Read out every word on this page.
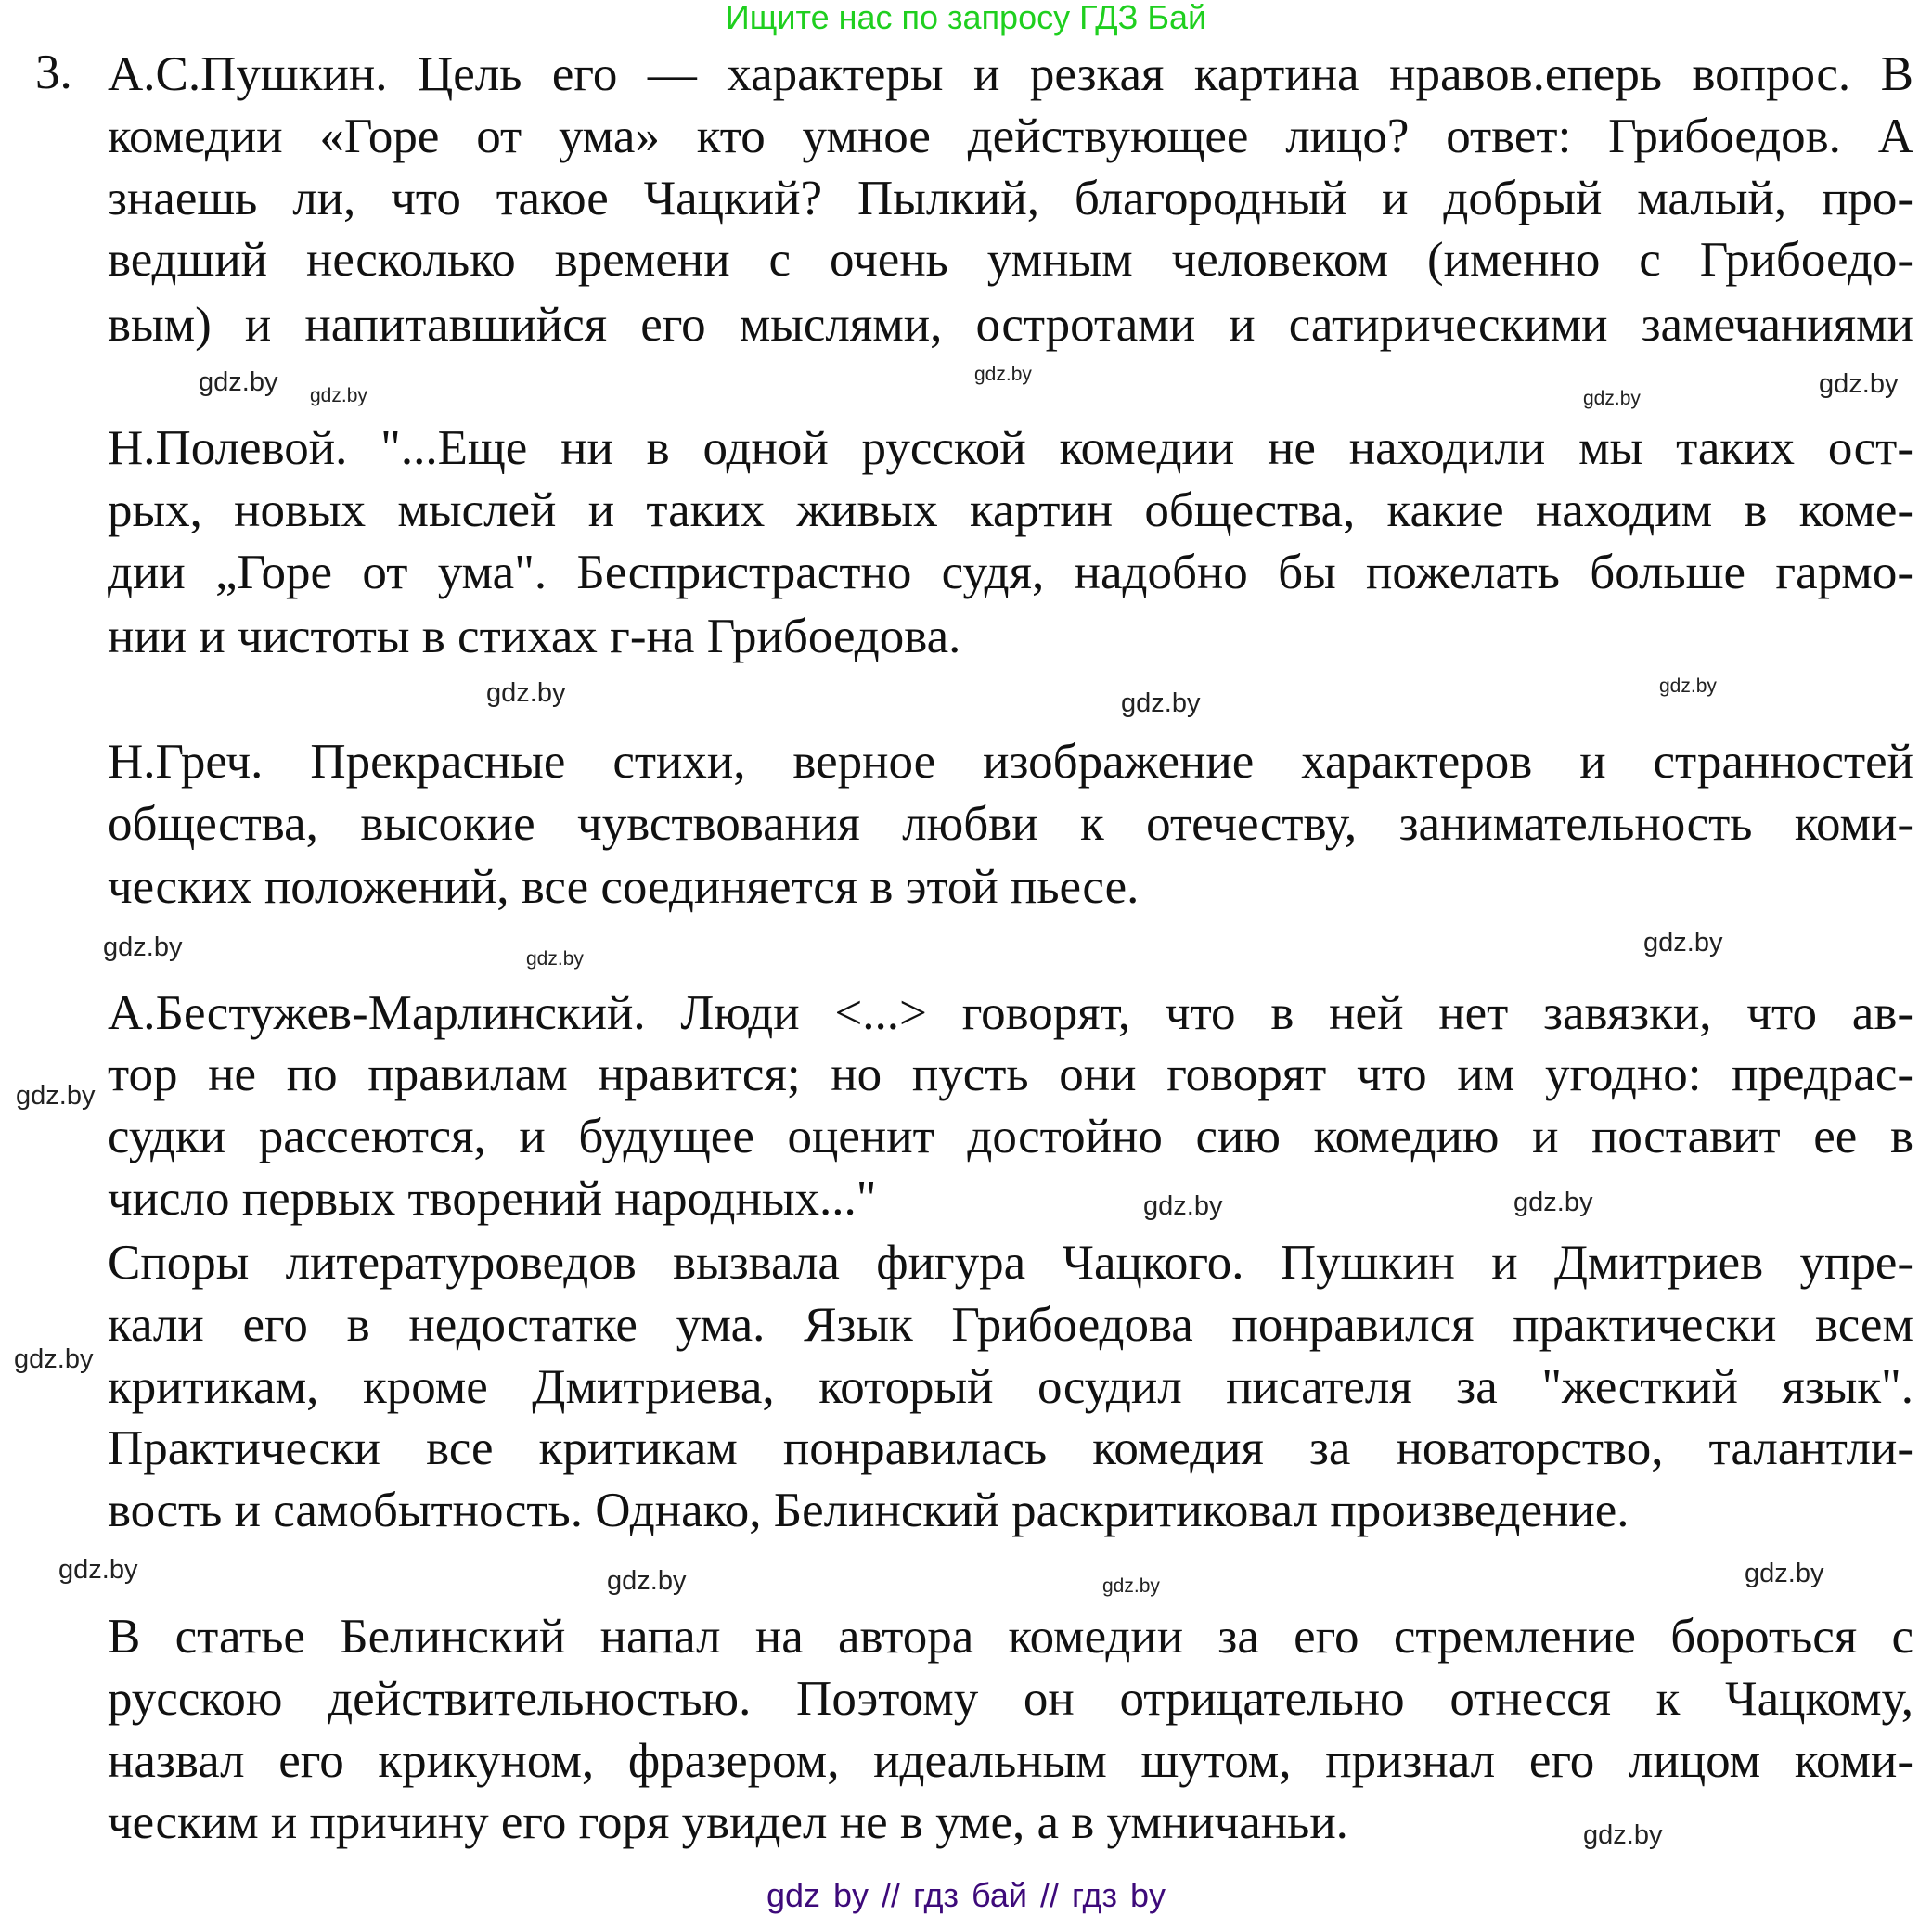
Ищите нас по запросу ГДЗ Бай
3. А.С.Пушкин. Цель его — характеры и резкая картина нравов.еперь вопрос. В
комедии «Горе от ума» кто умное действующее лицо? ответ: Грибоедов. А
знаешь ли, что такое Чацкий? Пылкий, благородный и добрый малый, про-
ведший несколько времени с очень умным человеком (именно с Грибоедо-
вым) и напитавшийся его мыслями, остротами и сатирическими замечаниями
Н.Полевой. "...Еще ни в одной русской комедии не находили мы таких ост-
рых, новых мыслей и таких живых картин общества, какие находим в коме-
дии „Горе от ума". Беспристрастно судя, надобно бы пожелать больше гармо-
нии и чистоты в стихах г-на Грибоедова.
Н.Греч. Прекрасные стихи, верное изображение характеров и странностей
общества, высокие чувствования любви к отечеству, занимательность коми-
ческих положений, все соединяется в этой пьесе.
А.Бестужев-Марлинский. Люди <...> говорят, что в ней нет завязки, что ав-
тор не по правилам нравится; но пусть они говорят что им угодно: предрас-
судки рассеются, и будущее оценит достойно сию комедию и поставит ее в
число первых творений народных..."
Споры литературоведов вызвала фигура Чацкого. Пушкин и Дмитриев упре-
кали его в недостатке ума. Язык Грибоедова понравился практически всем
критикам, кроме Дмитриева, который осудил писателя за "жесткий язык".
Практически все критикам понравилась комедия за новаторство, талантли-
вость и самобытность. Однако, Белинский раскритиковал произведение.
В статье Белинский напал на автора комедии за его стремление бороться с
русскою действительностью. Поэтому он отрицательно отнесся к Чацкому,
назвал его крикуном, фразером, идеальным шутом, признал его лицом коми-
ческим и причину его горя увидел не в уме, а в умничаньи.
gdz.by	gdz.by
gdz.by
gdz.by
gdz.by
gdz.by
gdz.by
gdz.by
gdz.by
gdz.by	gdz.by
gdz.by
gdz.by
gdz.by
gdz.by
gdz.by
gdz.by	gdz.by	gdz.by
gdz.by
gdz by // гдз бай // гдз by
